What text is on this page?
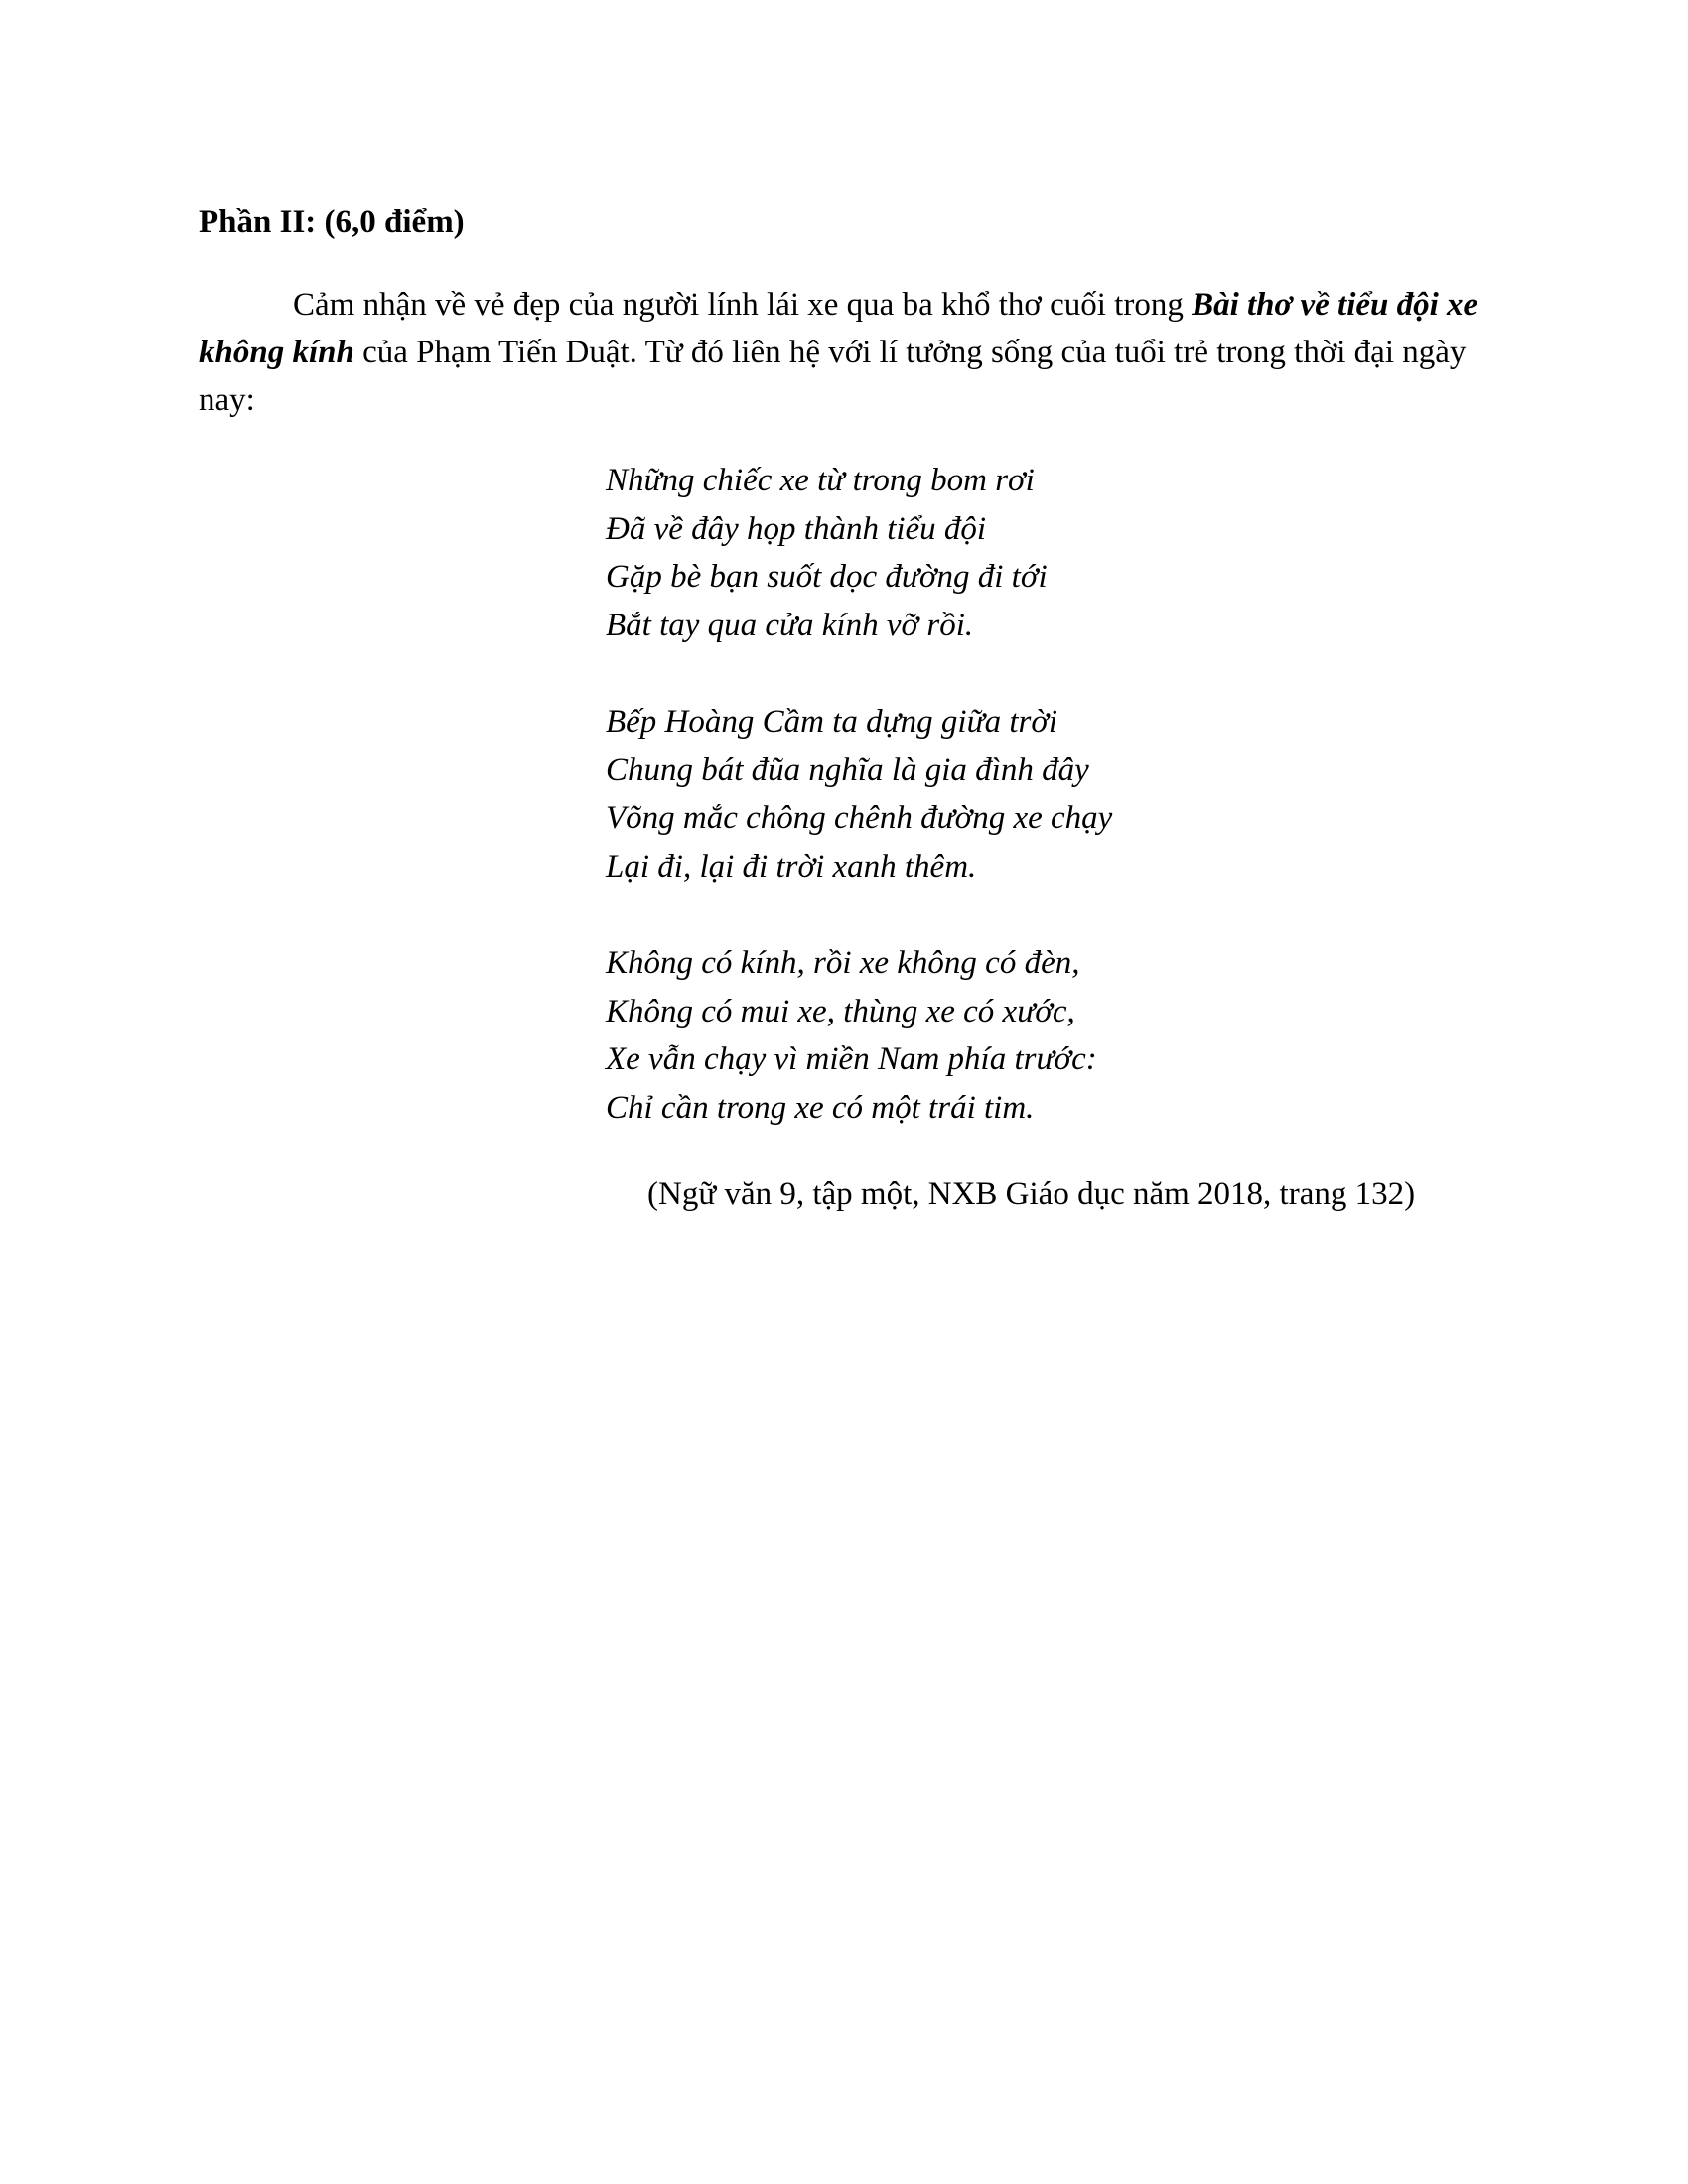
Phần II: (6,0 điểm)

Cảm nhận về vẻ đẹp của người lính lái xe qua ba khổ thơ cuối trong Bài thơ về tiểu đội xe không kính của Phạm Tiến Duật. Từ đó liên hệ với lí tưởng sống của tuổi trẻ trong thời đại ngày nay:

Những chiếc xe từ trong bom rơi
Đã về đây họp thành tiểu đội
Gặp bè bạn suốt dọc đường đi tới
Bắt tay qua cửa kính vỡ rồi.
Bếp Hoàng Cầm ta dựng giữa trời
Chung bát đũa nghĩa là gia đình đây
Võng mắc chông chênh đường xe chạy
Lại đi, lại đi trời xanh thêm.
Không có kính, rồi xe không có đèn,
Không có mui xe, thùng xe có xước,
Xe vẫn chạy vì miền Nam phía trước:
Chỉ cần trong xe có một trái tim.
(Ngữ văn 9, tập một, NXB Giáo dục năm 2018, trang 132)
